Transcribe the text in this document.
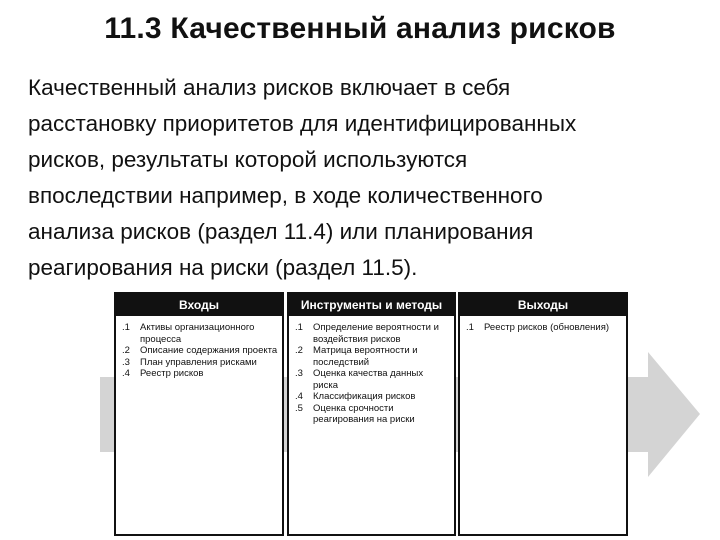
11.3 Качественный анализ рисков
Качественный анализ рисков включает в себя
расстановку приоритетов для идентифицированных
рисков, результаты которой используются
впоследствии например, в ходе количественного
анализа рисков (раздел 11.4) или планирования
реагирования на риски (раздел 11.5).
Входы
.1	Активы организационного процесса
.2	Описание содержания проекта
.3	План управления рисками
.4	Реестр рисков
Инструменты и методы
.1	Определение вероятности и воздействия рисков
.2	Матрица вероятности и последствий
.3	Оценка качества данных риска
.4	Классификация рисков
.5	Оценка срочности реагирования на риски
Выходы
.1	Реестр рисков (обновления)
